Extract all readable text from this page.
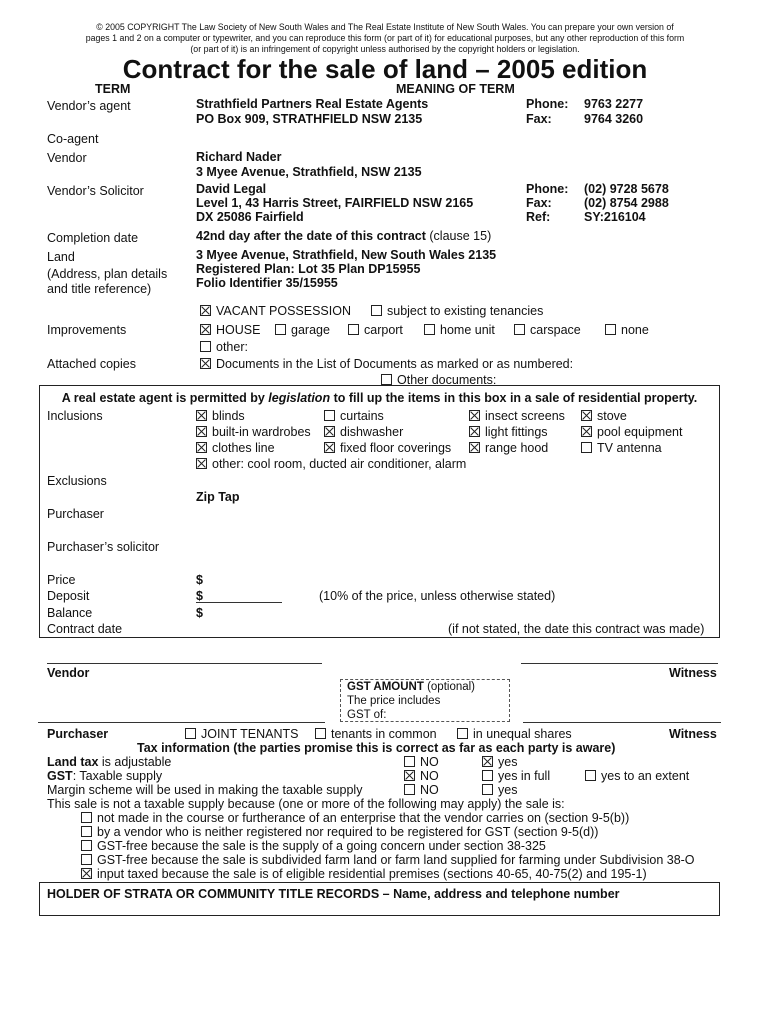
© 2005 COPYRIGHT The Law Society of New South Wales and The Real Estate Institute of New South Wales. You can prepare your own version of
pages 1 and 2 on a computer or typewriter, and you can reproduce this form (or part of it) for educational purposes, but any other reproduction of this form
(or part of it) is an infringement of copyright unless authorised by the copyright holders or legislation.
Contract for the sale of land – 2005 edition
TERM	MEANING OF TERM
Vendor’s agent	Strathfield Partners Real Estate Agents
PO Box 909, STRATHFIELD NSW 2135
Phone: 9763 2277
Fax:	9764 3260
Co-agent
Vendor	Richard Nader
3 Myee Avenue, Strathfield, NSW 2135
Vendor’s Solicitor	David Legal
Level 1, 43 Harris Street, FAIRFIELD NSW 2165
DX 25086 Fairfield
Phone: (02) 9728 5678
Fax:	(02) 8754 2988
Ref:	SY:216104
Completion date	42nd day after the date of this contract (clause 15)
Land
(Address, plan details
and title reference)
3 Myee Avenue, Strathfield, New South Wales 2135
Registered Plan: Lot 35 Plan DP15955
Folio Identifier 35/15955
VACANT POSSESSION	subject to existing tenancies
Improvements	HOUSE	garage	carport	home unit	carspace	none
other:
Attached copies	Documents in the List of Documents as marked or as numbered:
Other documents:
A real estate agent is permitted by legislation to fill up the items in this box in a sale of residential property.
Inclusions	blinds	curtains	insect screens	stove
built-in wardrobes	dishwasher	light fittings	pool equipment
clothes line	fixed floor coverings	range hood	TV antenna
other: cool room, ducted air conditioner, alarm
Exclusions
Zip Tap
Purchaser
Purchaser’s solicitor
Price	$
Deposit	$	(10% of the price, unless otherwise stated)
Balance	$
Contract date	(if not stated, the date this contract was made)
Vendor	Witness
GST AMOUNT (optional)
The price includes
GST of:
Purchaser	JOINT TENANTS	tenants in common	in unequal shares	Witness
Tax information (the parties promise this is correct as far as each party is aware)
Land tax is adjustable	NO	yes
GST: Taxable supply	NO	yes in full	yes to an extent
Margin scheme will be used in making the taxable supply	NO	yes
This sale is not a taxable supply because (one or more of the following may apply) the sale is:
not made in the course or furtherance of an enterprise that the vendor carries on (section 9-5(b))
by a vendor who is neither registered nor required to be registered for GST (section 9-5(d))
GST-free because the sale is the supply of a going concern under section 38-325
GST-free because the sale is subdivided farm land or farm land supplied for farming under Subdivision 38-O
input taxed because the sale is of eligible residential premises (sections 40-65, 40-75(2) and 195-1)
HOLDER OF STRATA OR COMMUNITY TITLE RECORDS – Name, address and telephone number
